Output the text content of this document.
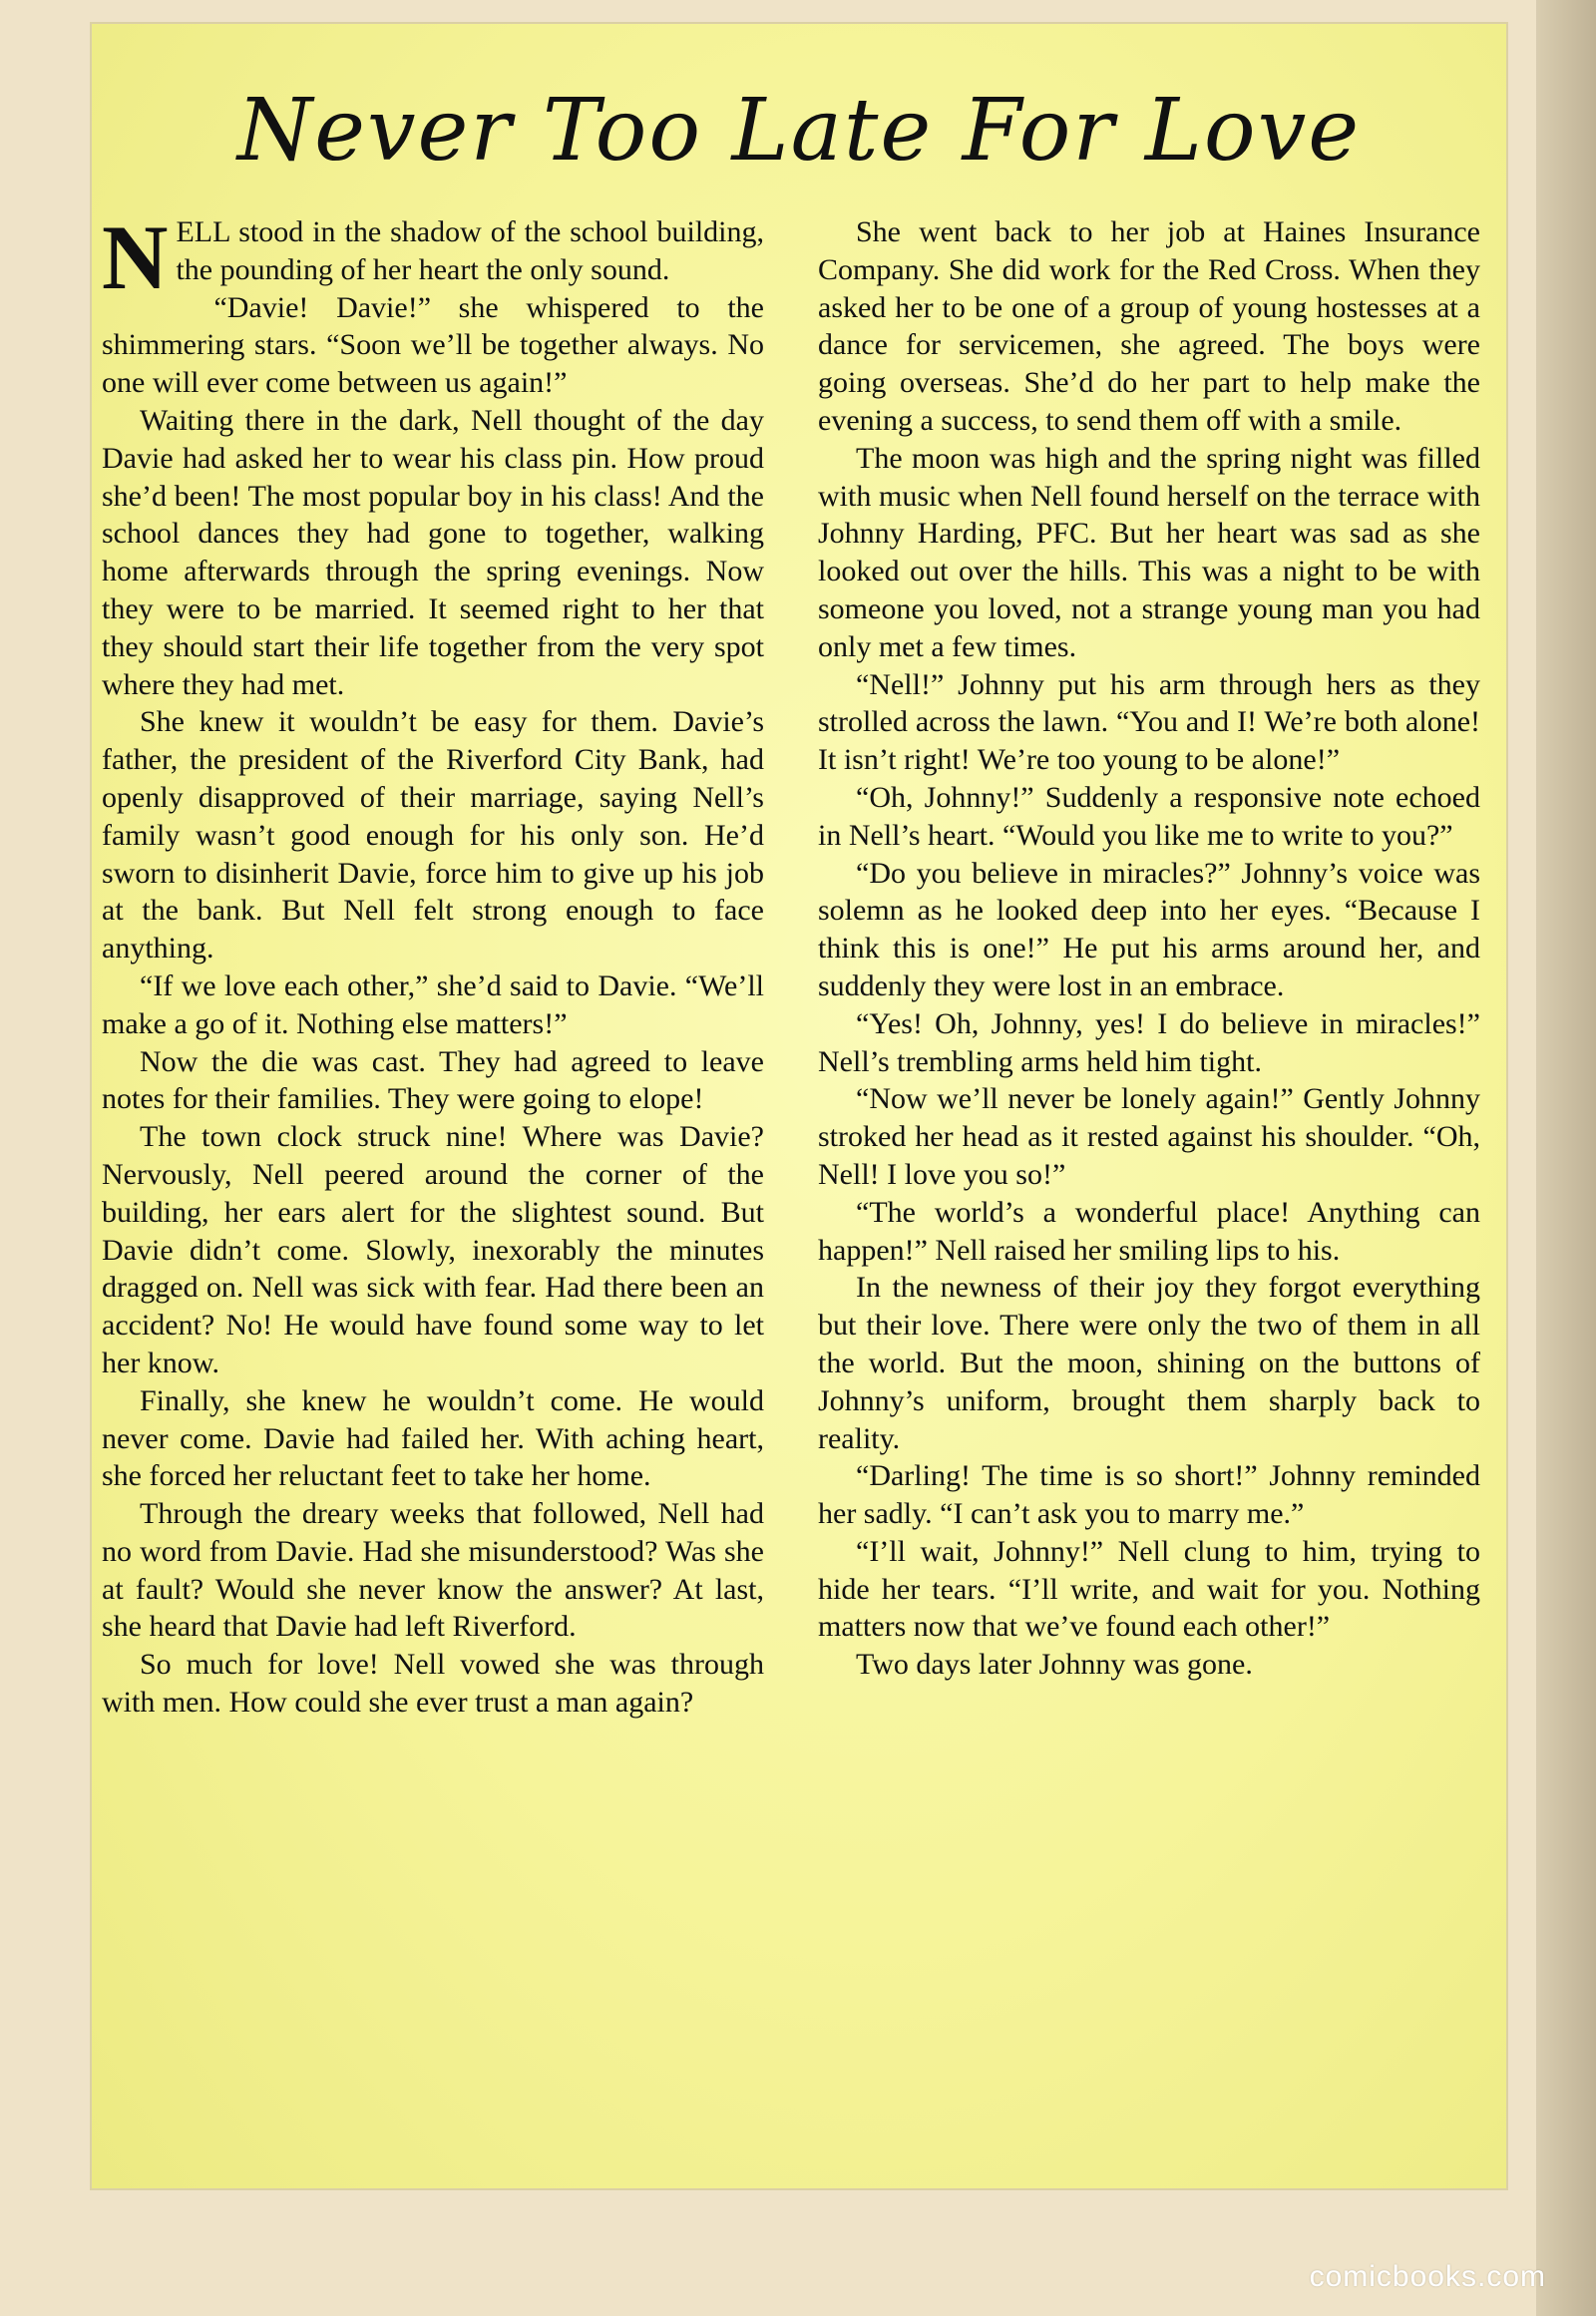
Never Too Late For Love

NELL stood in the shadow of the school building, the pounding of her heart the only sound.

“Davie! Davie!” she whispered to the shimmering stars. “Soon we’ll be together always. No one will ever come between us again!”

Waiting there in the dark, Nell thought of the day Davie had asked her to wear his class pin. How proud she’d been! The most popular boy in his class! And the school dances they had gone to together, walking home afterwards through the spring evenings. Now they were to be married. It seemed right to her that they should start their life together from the very spot where they had met.

She knew it wouldn’t be easy for them. Davie’s father, the president of the Riverford City Bank, had openly disapproved of their marriage, saying Nell’s family wasn’t good enough for his only son. He’d sworn to disinherit Davie, force him to give up his job at the bank. But Nell felt strong enough to face anything.

“If we love each other,” she’d said to Davie. “We’ll make a go of it. Nothing else matters!”

Now the die was cast. They had agreed to leave notes for their families. They were going to elope!

The town clock struck nine! Where was Davie? Nervously, Nell peered around the corner of the building, her ears alert for the slightest sound. But Davie didn’t come. Slowly, inexorably the minutes dragged on. Nell was sick with fear. Had there been an accident? No! He would have found some way to let her know.

Finally, she knew he wouldn’t come. He would never come. Davie had failed her. With aching heart, she forced her reluctant feet to take her home.

Through the dreary weeks that followed, Nell had no word from Davie. Had she misunderstood? Was she at fault? Would she never know the answer? At last, she heard that Davie had left Riverford.

So much for love! Nell vowed she was through with men. How could she ever trust a man again?

She went back to her job at Haines Insurance Company. She did work for the Red Cross. When they asked her to be one of a group of young hostesses at a dance for servicemen, she agreed. The boys were going overseas. She’d do her part to help make the evening a success, to send them off with a smile.

The moon was high and the spring night was filled with music when Nell found herself on the terrace with Johnny Harding, PFC. But her heart was sad as she looked out over the hills. This was a night to be with someone you loved, not a strange young man you had only met a few times.

“Nell!” Johnny put his arm through hers as they strolled across the lawn. “You and I! We’re both alone! It isn’t right! We’re too young to be alone!”

“Oh, Johnny!” Suddenly a responsive note echoed in Nell’s heart. “Would you like me to write to you?”

“Do you believe in miracles?” Johnny’s voice was solemn as he looked deep into her eyes. “Because I think this is one!” He put his arms around her, and suddenly they were lost in an embrace.

“Yes! Oh, Johnny, yes! I do believe in miracles!” Nell’s trembling arms held him tight.

“Now we’ll never be lonely again!” Gently Johnny stroked her head as it rested against his shoulder. “Oh, Nell! I love you so!”

“The world’s a wonderful place! Anything can happen!” Nell raised her smiling lips to his.

In the newness of their joy they forgot everything but their love. There were only the two of them in all the world. But the moon, shining on the buttons of Johnny’s uniform, brought them sharply back to reality.

“Darling! The time is so short!” Johnny reminded her sadly. “I can’t ask you to marry me.”

“I’ll wait, Johnny!” Nell clung to him, trying to hide her tears. “I’ll write, and wait for you. Nothing matters now that we’ve found each other!”

Two days later Johnny was gone.

comicbooks.com
